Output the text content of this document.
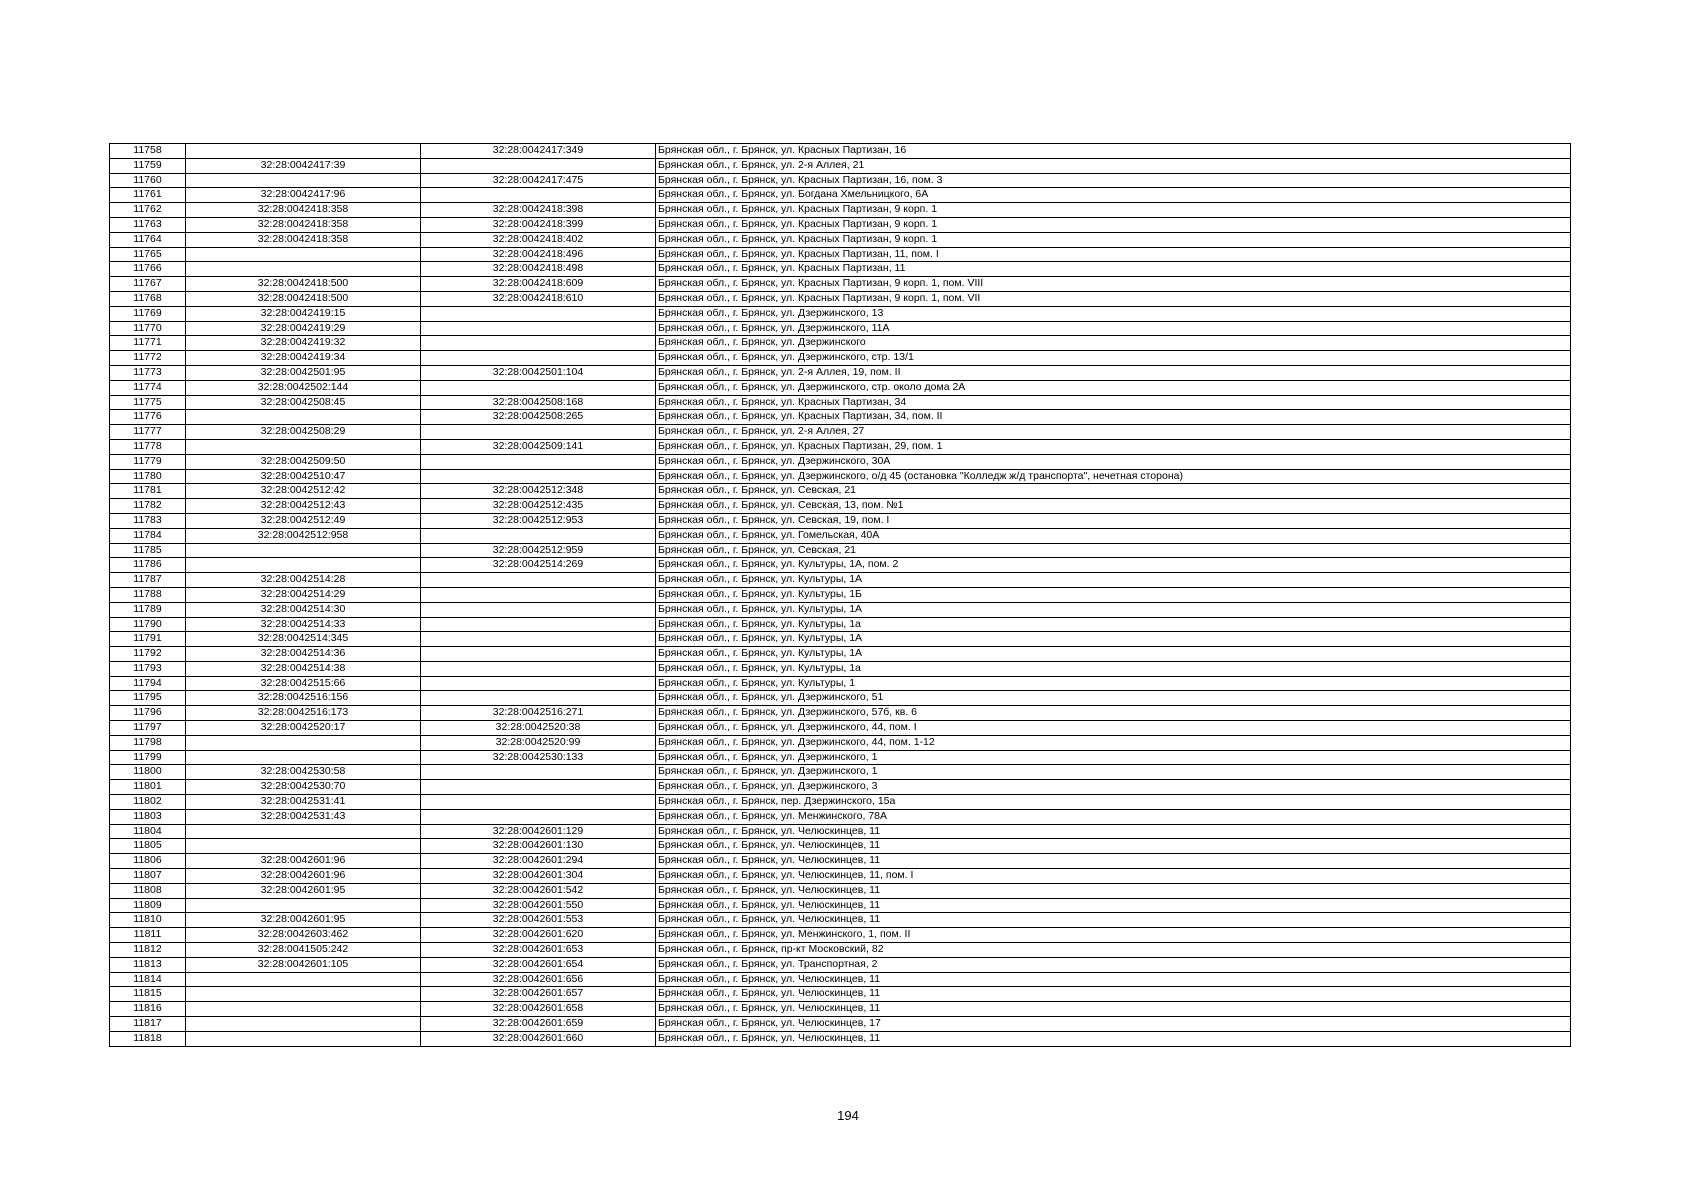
11758		32:28:0042417:349	Брянская обл., г. Брянск, ул. Красных Партизан, 16
11759	32:28:0042417:39		Брянская обл., г. Брянск, ул. 2-я Аллея, 21
11760		32:28:0042417:475	Брянская обл., г. Брянск, ул. Красных Партизан, 16, пом. 3
11761	32:28:0042417:96		Брянская обл., г. Брянск, ул. Богдана Хмельницкого, 6А
11762	32:28:0042418:358	32:28:0042418:398	Брянская обл., г. Брянск, ул. Красных Партизан, 9 корп. 1
11763	32:28:0042418:358	32:28:0042418:399	Брянская обл., г. Брянск, ул. Красных Партизан, 9 корп. 1
11764	32:28:0042418:358	32:28:0042418:402	Брянская обл., г. Брянск, ул. Красных Партизан, 9 корп. 1
11765		32:28:0042418:496	Брянская обл., г. Брянск, ул. Красных Партизан, 11, пом. I
11766		32:28:0042418:498	Брянская обл., г. Брянск, ул. Красных Партизан, 11
11767	32:28:0042418:500	32:28:0042418:609	Брянская обл., г. Брянск, ул. Красных Партизан, 9 корп. 1, пом. VIII
11768	32:28:0042418:500	32:28:0042418:610	Брянская обл., г. Брянск, ул. Красных Партизан, 9 корп. 1, пом. VII
11769	32:28:0042419:15		Брянская обл., г. Брянск, ул. Дзержинского, 13
11770	32:28:0042419:29		Брянская обл., г. Брянск, ул. Дзержинского, 11А
11771	32:28:0042419:32		Брянская обл., г. Брянск, ул. Дзержинского
11772	32:28:0042419:34		Брянская обл., г. Брянск, ул. Дзержинского, стр. 13/1
11773	32:28:0042501:95	32:28:0042501:104	Брянская обл., г. Брянск, ул. 2-я Аллея, 19, пом. II
11774	32:28:0042502:144		Брянская обл., г. Брянск, ул. Дзержинского, стр. около дома 2А
11775	32:28:0042508:45	32:28:0042508:168	Брянская обл., г. Брянск, ул. Красных Партизан, 34
11776		32:28:0042508:265	Брянская обл., г. Брянск, ул. Красных Партизан, 34, пом. II
11777	32:28:0042508:29		Брянская обл., г. Брянск, ул. 2-я Аллея, 27
11778		32:28:0042509:141	Брянская обл., г. Брянск, ул. Красных Партизан, 29, пом. 1
11779	32:28:0042509:50		Брянская обл., г. Брянск, ул. Дзержинского, 30А
11780	32:28:0042510:47		Брянская обл., г. Брянск, ул. Дзержинского, о/д 45 (остановка "Колледж ж/д транспорта", нечетная сторона)
11781	32:28:0042512:42	32:28:0042512:348	Брянская обл., г. Брянск, ул. Севская, 21
11782	32:28:0042512:43	32:28:0042512:435	Брянская обл., г. Брянск, ул. Севская, 13, пом. №1
11783	32:28:0042512:49	32:28:0042512:953	Брянская обл., г. Брянск, ул. Севская, 19, пом. I
11784	32:28:0042512:958		Брянская обл., г. Брянск, ул. Гомельская, 40А
11785		32:28:0042512:959	Брянская обл., г. Брянск, ул. Севская, 21
11786		32:28:0042514:269	Брянская обл., г. Брянск, ул. Культуры, 1А, пом. 2
11787	32:28:0042514:28		Брянская обл., г. Брянск, ул. Культуры, 1А
11788	32:28:0042514:29		Брянская обл., г. Брянск, ул. Культуры, 1Б
11789	32:28:0042514:30		Брянская обл., г. Брянск, ул. Культуры, 1А
11790	32:28:0042514:33		Брянская обл., г. Брянск, ул. Культуры, 1а
11791	32:28:0042514:345		Брянская обл., г. Брянск, ул. Культуры, 1А
11792	32:28:0042514:36		Брянская обл., г. Брянск, ул. Культуры, 1А
11793	32:28:0042514:38		Брянская обл., г. Брянск, ул. Культуры, 1а
11794	32:28:0042515:66		Брянская обл., г. Брянск, ул. Культуры, 1
11795	32:28:0042516:156		Брянская обл., г. Брянск, ул. Дзержинского, 51
11796	32:28:0042516:173	32:28:0042516:271	Брянская обл., г. Брянск, ул. Дзержинского, 57б, кв. 6
11797	32:28:0042520:17	32:28:0042520:38	Брянская обл., г. Брянск, ул. Дзержинского, 44, пом. I
11798		32:28:0042520:99	Брянская обл., г. Брянск, ул. Дзержинского, 44, пом. 1-12
11799		32:28:0042530:133	Брянская обл., г. Брянск, ул. Дзержинского, 1
11800	32:28:0042530:58		Брянская обл., г. Брянск, ул. Дзержинского, 1
11801	32:28:0042530:70		Брянская обл., г. Брянск, ул. Дзержинского, 3
11802	32:28:0042531:41		Брянская обл., г. Брянск, пер. Дзержинского, 15а
11803	32:28:0042531:43		Брянская обл., г. Брянск, ул. Менжинского, 78А
11804		32:28:0042601:129	Брянская обл., г. Брянск, ул. Челюскинцев, 11
11805		32:28:0042601:130	Брянская обл., г. Брянск, ул. Челюскинцев, 11
11806	32:28:0042601:96	32:28:0042601:294	Брянская обл., г. Брянск, ул. Челюскинцев, 11
11807	32:28:0042601:96	32:28:0042601:304	Брянская обл., г. Брянск, ул. Челюскинцев, 11, пом. I
11808	32:28:0042601:95	32:28:0042601:542	Брянская обл., г. Брянск, ул. Челюскинцев, 11
11809		32:28:0042601:550	Брянская обл., г. Брянск, ул. Челюскинцев, 11
11810	32:28:0042601:95	32:28:0042601:553	Брянская обл., г. Брянск, ул. Челюскинцев, 11
11811	32:28:0042603:462	32:28:0042601:620	Брянская обл., г. Брянск, ул. Менжинского, 1, пом. II
11812	32:28:0041505:242	32:28:0042601:653	Брянская обл., г. Брянск, пр-кт Московский, 82
11813	32:28:0042601:105	32:28:0042601:654	Брянская обл., г. Брянск, ул. Транспортная, 2
11814		32:28:0042601:656	Брянская обл., г. Брянск, ул. Челюскинцев, 11
11815		32:28:0042601:657	Брянская обл., г. Брянск, ул. Челюскинцев, 11
11816		32:28:0042601:658	Брянская обл., г. Брянск, ул. Челюскинцев, 11
11817		32:28:0042601:659	Брянская обл., г. Брянск, ул. Челюскинцев, 17
11818		32:28:0042601:660	Брянская обл., г. Брянск, ул. Челюскинцев, 11
194
